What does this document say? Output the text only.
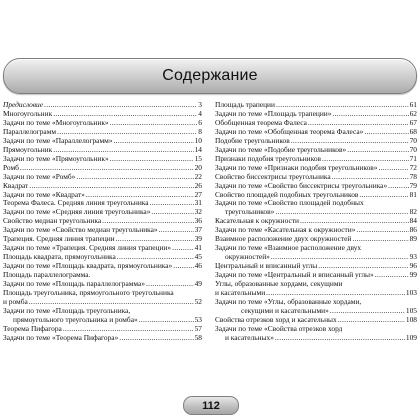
Содержание
Предисловие .....	3
Многоугольник .....	4
Задачи по теме «Многоугольник» .....	6
Параллелограмм .....	8
Задачи по теме «Параллелограмм» .....	10
Прямоугольник .....	14
Задачи по теме «Прямоугольник» .....	15
Ромб .....	20
Задачи по теме «Ромб» .....	22
Квадрат .....	26
Задачи по теме «Квадрат» .....	27
Теорема Фалеса. Средняя линия треугольника .....	31
Задачи по теме «Средняя линия треугольника» .....	32
Свойство медиан треугольника .....	36
Задачи по теме «Свойство медиан треугольника» .....	37
Трапеция. Средняя линия трапеции .....	39
Задачи по теме «Трапеция. Средняя линия трапеции» .....	41
Площадь квадрата, прямоугольника .....	45
Задачи по теме «Площадь квадрата, прямоугольника» .....	46
Площадь параллелограмма.
Задачи по теме «Площадь параллелограмма» .....	49
Площадь треугольника, прямоугольного треугольника
и ромба .....	52
Задачи по теме «Площадь треугольника,
прямоугольного треугольника и ромба» .....	53
Теорема Пифагора .....	57
Задачи по теме «Теорема Пифагора» .....	58
Площадь трапеции .....	61
Задачи по теме «Площадь трапеции» .....	62
Обобщенная теорема Фалеса .....	67
Задачи по теме «Обобщенная теорема Фалеса» .....	68
Подобие треугольников .....	70
Задачи по теме «Подобие треугольников» .....	70
Признаки подобия треугольников .....	71
Задачи по теме «Признаки подобия треугольников» .....	72
Свойство биссектрисы треугольника .....	78
Задачи по теме «Свойство биссектрисы треугольника» .....	79
Свойство площадей подобных треугольников .....	81
Задачи по теме «Свойство площадей подобных
треугольников» .....	82
Касательная к окружности .....	84
Задачи по теме «Касательная к окружности» .....	86
Взаимное расположение двух окружностей .....	89
Задачи по теме «Взаимное расположение двух
окружностей» .....	93
Центральный и вписанный углы .....	96
Задачи по теме «Центральный и вписанный углы» .....	99
Углы, образованные хордами, секущими
и касательными .....	103
Задачи по теме «Углы, образованные хордами,
секущими и касательными» .....	105
Свойства отрезков хорд и касательных .....	108
Задачи по теме «Свойства отрезков хорд
и касательных» .....	109
112
